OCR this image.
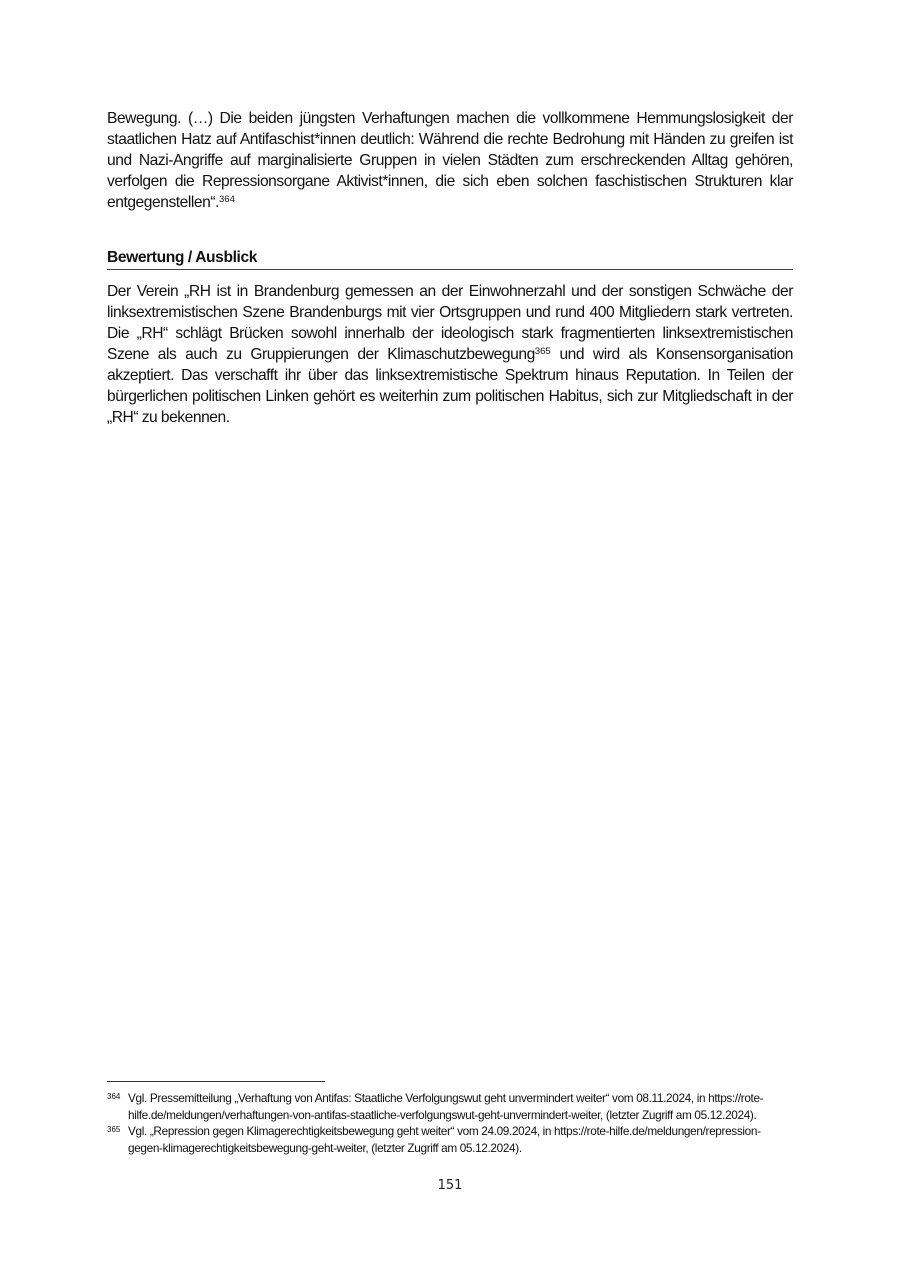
Bewegung. (…) Die beiden jüngsten Verhaftungen machen die vollkommene Hemmungslosigkeit der staatlichen Hatz auf Antifaschist*innen deutlich: Während die rechte Bedrohung mit Händen zu greifen ist und Nazi-Angriffe auf marginalisierte Gruppen in vielen Städten zum erschreckenden Alltag gehören, verfolgen die Repressionsorgane Aktivist*innen, die sich eben solchen faschistischen Strukturen klar entgegenstellen“.$^{364}$

Bewertung / Ausblick

Der Verein „RH ist in Brandenburg gemessen an der Einwohnerzahl und der sonstigen Schwäche der linksextremistischen Szene Brandenburgs mit vier Ortsgruppen und rund 400 Mitgliedern stark vertreten. Die „RH“ schlägt Brücken sowohl innerhalb der ideologisch stark fragmentierten linksextremistischen Szene als auch zu Gruppierungen der Klimaschutzbewegung$^{365}$ und wird als Konsensorganisation akzeptiert. Das verschafft ihr über das linksextremistische Spektrum hinaus Reputation. In Teilen der bürgerlichen politischen Linken gehört es weiterhin zum politischen Habitus, sich zur Mitgliedschaft in der „RH“ zu bekennen.

364 Vgl. Pressemitteilung „Verhaftung von Antifas: Staatliche Verfolgungswut geht unvermindert weiter“ vom 08.11.2024, in https://rote-hilfe.de/meldungen/verhaftungen-von-antifas-staatliche-verfolgungswut-geht-unvermindert-weiter, (letzter Zugriff am 05.12.2024).

365 Vgl. „Repression gegen Klimagerechtigkeitsbewegung geht weiter“ vom 24.09.2024, in https://rote-hilfe.de/meldungen/repression-gegen-klimagerechtigkeitsbewegung-geht-weiter, (letzter Zugriff am 05.12.2024).

151
